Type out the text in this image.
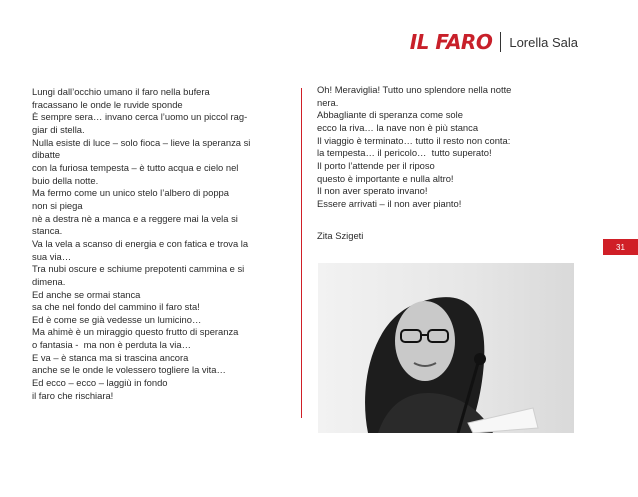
IL FARO Lorella Sala
Lungi dall’occhio umano il faro nella bufera
fracassano le onde le ruvide sponde
È sempre sera… invano cerca l’uomo un piccol rag-
giar di stella.
Nulla esiste di luce – solo fioca – lieve la speranza si
dibatte
con la furiosa tempesta – è tutto acqua e cielo nel
buio della notte.
Ma fermo come un unico stelo l’albero di poppa
non si piega
nè a destra nè a manca e a reggere mai la vela si
stanca.
Va la vela a scanso di energia e con fatica e trova la
sua via…
Tra nubi oscure e schiume prepotenti cammina e si
dimena.
Ed anche se ormai stanca
sa che nel fondo del cammino il faro sta!
Ed è come se già vedesse un lumicino…
Ma ahimè è un miraggio questo frutto di speranza
o fantasia -  ma non è perduta la via…
E va – è stanca ma si trascina ancora
anche se le onde le volessero togliere la vita…
Ed ecco – ecco – laggiù in fondo
il faro che rischiara!
Oh! Meraviglia! Tutto uno splendore nella notte
nera.
Abbagliante di speranza come sole
ecco la riva… la nave non è più stanca
Il viaggio è terminato… tutto il resto non conta:
la tempesta… il pericolo…  tutto superato!
Il porto l’attende per il riposo
questo è importante e nulla altro!
Il non aver sperato invano!
Essere arrivati – il non aver pianto!
Zita Szigeti
31
